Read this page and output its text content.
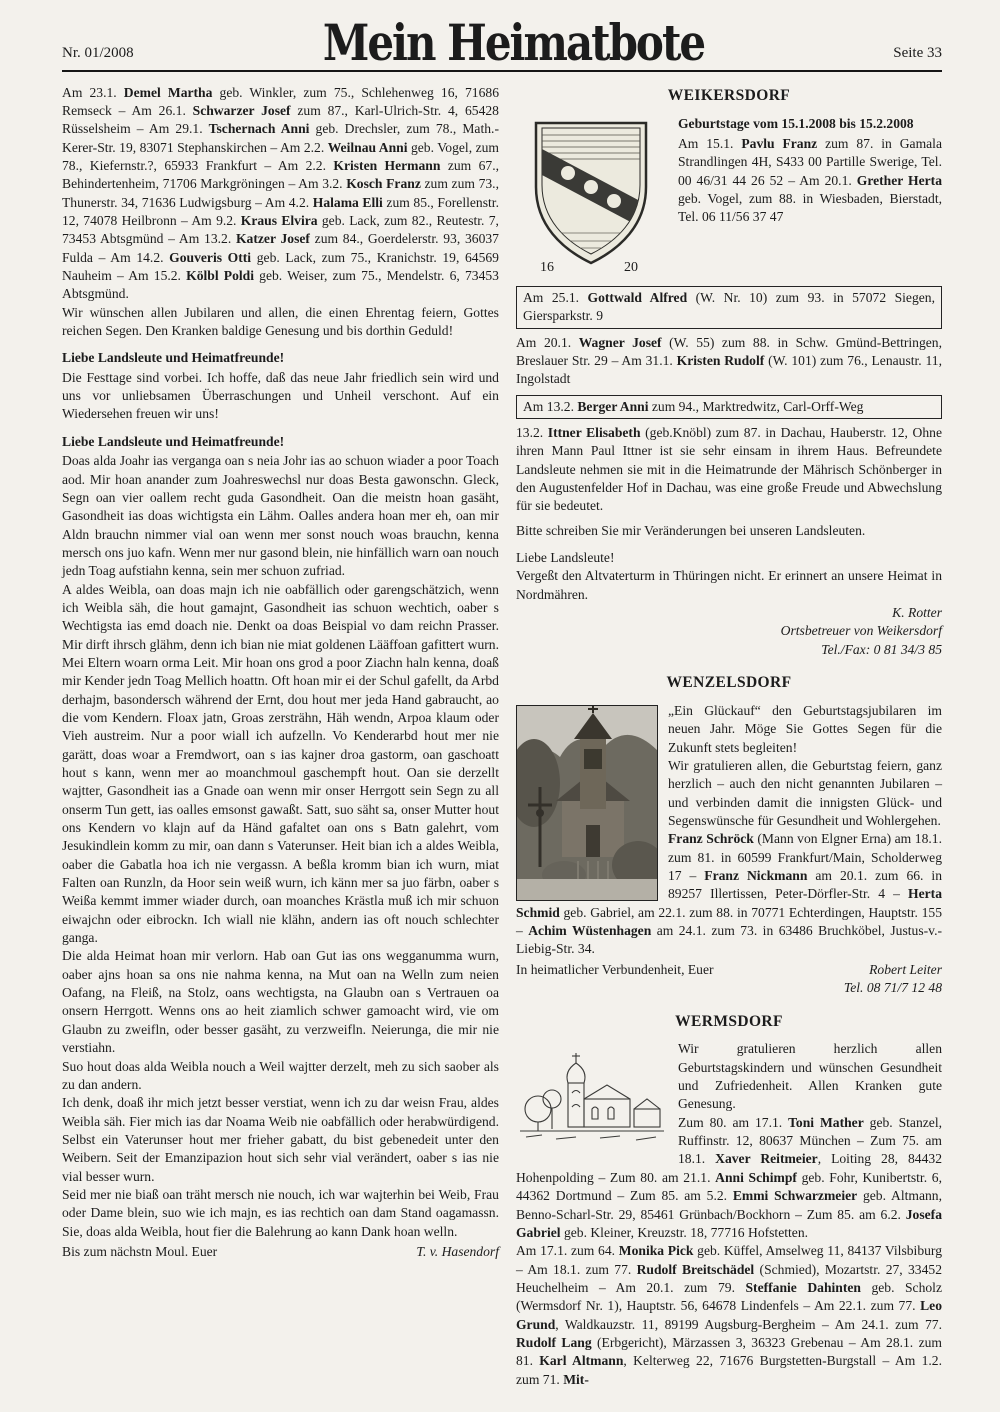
Nr. 01/2008	Mein Heimatbote	Seite 33

Am 23.1. Demel Martha geb. Winkler, zum 75., Schlehenweg 16, 71686 Remseck – Am 26.1. Schwarzer Josef zum 87., Karl-Ulrich-Str. 4, 65428 Rüsselsheim – Am 29.1. Tschernach Anni geb. Drechsler, zum 78., Math.-Kerer-Str. 19, 83071 Stephanskirchen – Am 2.2. Weilnau Anni geb. Vogel, zum 78., Kiefernstr.?, 65933 Frankfurt – Am 2.2. Kristen Hermann zum 67., Behindertenheim, 71706 Markgröningen – Am 3.2. Kosch Franz zum zum 73., Thunerstr. 34, 71636 Ludwigsburg – Am 4.2. Halama Elli zum 85., Forellenstr. 12, 74078 Heilbronn – Am 9.2. Kraus Elvira geb. Lack, zum 82., Reutestr. 7, 73453 Abtsgmünd – Am 13.2. Katzer Josef zum 84., Goerdelerstr. 93, 36037 Fulda – Am 14.2. Gouveris Otti geb. Lack, zum 75., Kranichstr. 19, 64569 Nauheim – Am 15.2. Kölbl Poldi geb. Weiser, zum 75., Mendelstr. 6, 73453 Abtsgmünd.

Wir wünschen allen Jubilaren und allen, die einen Ehrentag feiern, Gottes reichen Segen. Den Kranken baldige Genesung und bis dorthin Geduld!

Liebe Landsleute und Heimatfreunde!

Die Festtage sind vorbei. Ich hoffe, daß das neue Jahr friedlich sein wird und uns vor unliebsamen Überraschungen und Unheil verschont. Auf ein Wiedersehen freuen wir uns!

Liebe Landsleute und Heimatfreunde!

Doas alda Joahr ias verganga oan s neia Johr ias ao schuon wiader a poor Toach aod. Mir hoan anander zum Joahreswechsl nur doas Besta gawonschn. Gleck, Segn oan vier oallem recht guda Gasondheit. Oan die meistn hoan gasäht, Gasondheit ias doas wichtigsta ein Lähm. Oalles andera hoan mer eh, oan mir Aldn brauchn nimmer vial oan wenn mer sonst nouch woas brauchn, kenna mersch ons juo kafn. Wenn mer nur gasond blein, nie hinfällich warn oan nouch jedn Toag aufstiahn kenna, sein mer schuon zufriad.

A aldes Weibla, oan doas majn ich nie oabfällich oder garengschätzich, wenn ich Weibla säh, die hout gamajnt, Gasondheit ias schuon wechtich, oaber s Wechtigsta ias emd doach nie. Denkt oa doas Beispial vo dam reichn Prasser. Mir dirft ihrsch glähm, denn ich bian nie miat goldenen Lääffoan gafittert wurn. Mei Eltern woarn orma Leit. Mir hoan ons grod a poor Ziachn haln kenna, doaß mir Kender jedn Toag Mellich hoattn. Oft hoan mir ei der Schul gafellt, da Arbd derhajm, basondersch während der Ernt, dou hout mer jeda Hand gabraucht, ao die vom Kendern. Floax jatn, Groas zersträhn, Häh wendn, Arpoa klaum oder Vieh austreim. Nur a poor wiall ich aufzelln. Vo Kenderarbd hout mer nie garätt, doas woar a Fremdwort, oan s ias kajner droa gastorm, oan gaschoatt hout s kann, wenn mer ao moanchmoul gaschempft hout. Oan sie derzellt wajtter, Gasondheit ias a Gnade oan wenn mir onser Herrgott sein Segn zu all onserm Tun gett, ias oalles emsonst gawaßt. Satt, suo säht sa, onser Mutter hout ons Kendern vo klajn auf da Händ gafaltet oan ons s Batn galehrt, vom Jesukindlein komm zu mir, oan dann s Vaterunser. Heit bian ich a aldes Weibla, oaber die Gabatla hoa ich nie vergassn. A beßla kromm bian ich wurn, miat Falten oan Runzln, da Hoor sein weiß wurn, ich känn mer sa juo färbn, oaber s Weißa kemmt immer wiader durch, oan moanches Krästla muß ich mir schuon eiwajchn oder eibrockn. Ich wiall nie klähn, andern ias oft nouch schlechter ganga.

Die alda Heimat hoan mir verlorn. Hab oan Gut ias ons wegganumma wurn, oaber ajns hoan sa ons nie nahma kenna, na Mut oan na Welln zum neien Oafang, na Fleiß, na Stolz, oans wechtigsta, na Glaubn oan s Vertrauen oa onsern Herrgott. Wenns ons ao heit ziamlich schwer gamoacht wird, vie om Glaubn zu zweifln, oder besser gasäht, zu verzweifln. Neierunga, die mir nie verstiahn.

Suo hout doas alda Weibla nouch a Weil wajtter derzelt, meh zu sich saober als zu dan andern.

Ich denk, doaß ihr mich jetzt besser verstiat, wenn ich zu dar weisn Frau, aldes Weibla säh. Fier mich ias dar Noama Weib nie oabfällich oder herabwürdigend. Selbst ein Vaterunser hout mer frieher gabatt, du bist gebenedeit unter den Weibern. Seit der Emanzipazion hout sich sehr vial verändert, oaber s ias nie vial besser wurn.

Seid mer nie biaß oan träht mersch nie nouch, ich war wajterhin bei Weib, Frau oder Dame blein, suo wie ich majn, es ias rechtich oan dam Stand oagamassn. Sie, doas alda Weibla, hout fier die Balehrung ao kann Dank hoan welln.

Bis zum nächstn Moul. Euer	T. v. Hasendorf
WEIKERSDORF
16	20

Geburtstage vom 15.1.2008 bis 15.2.2008

Am 15.1. Pavlu Franz zum 87. in Gamala Strandlingen 4H, S433 00 Partille Swerige, Tel. 00 46/31 44 26 52 – Am 20.1. Grether Herta geb. Vogel, zum 88. in Wiesbaden, Bierstadt, Tel. 06 11/56 37 47

Am 25.1. Gottwald Alfred (W. Nr. 10) zum 93. in 57072 Siegen, Giersparkstr. 9

Am 20.1. Wagner Josef (W. 55) zum 88. in Schw. Gmünd-Bettringen, Breslauer Str. 29 – Am 31.1. Kristen Rudolf (W. 101) zum 76., Lenaustr. 11, Ingolstadt

Am 13.2. Berger Anni zum 94., Marktredwitz, Carl-Orff-Weg

13.2. Ittner Elisabeth (geb.Knöbl) zum 87. in Dachau, Hauberstr. 12, Ohne ihren Mann Paul Ittner ist sie sehr einsam in ihrem Haus. Befreundete Landsleute nehmen sie mit in die Heimatrunde der Mährisch Schönberger in den Augustenfelder Hof in Dachau, was eine große Freude und Abwechslung für sie bedeutet.

Bitte schreiben Sie mir Veränderungen bei unseren Landsleuten.

Liebe Landsleute!

Vergeßt den Altvaterturm in Thüringen nicht. Er erinnert an unsere Heimat in Nordmähren.

K. Rotter
Ortsbetreuer von Weikersdorf
Tel./Fax: 0 81 34/3 85
WENZELSDORF

„Ein Glückauf“ den Geburtstagsjubilaren im neuen Jahr. Möge Sie Gottes Segen für die Zukunft stets begleiten!

Wir gratulieren allen, die Geburtstag feiern, ganz herzlich – auch den nicht genannten Jubilaren – und verbinden damit die innigsten Glück- und Segenswünsche für Gesundheit und Wohlergehen.

Franz Schröck (Mann von Elgner Erna) am 18.1. zum 81. in 60599 Frankfurt/Main, Scholderweg 17 – Franz Nickmann am 20.1. zum 66. in 89257 Illertissen, Peter-Dörfler-Str. 4 – Herta Schmid geb. Gabriel, am 22.1. zum 88. in 70771 Echterdingen, Hauptstr. 155 – Achim Wüstenhagen am 24.1. zum 73. in 63486 Bruchköbel, Justus-v.-Liebig-Str. 34.

In heimatlicher Verbundenheit, Euer	Robert Leiter
Tel. 08 71/7 12 48
WERMSDORF

Wir gratulieren herzlich allen Geburtstagskindern und wünschen Gesundheit und Zufriedenheit. Allen Kranken gute Genesung.

Zum 80. am 17.1. Toni Mather geb. Stanzel, Ruffinstr. 12, 80637 München – Zum 75. am 18.1. Xaver Reitmeier, Loiting 28, 84432 Hohenpolding – Zum 80. am 21.1. Anni Schimpf geb. Fohr, Kunibertstr. 6, 44362 Dortmund – Zum 85. am 5.2. Emmi Schwarzmeier geb. Altmann, Benno-Scharl-Str. 29, 85461 Grünbach/Bockhorn – Zum 85. am 6.2. Josefa Gabriel geb. Kleiner, Kreuzstr. 18, 77716 Hofstetten.

Am 17.1. zum 64. Monika Pick geb. Küffel, Amselweg 11, 84137 Vilsbiburg – Am 18.1. zum 77. Rudolf Breitschädel (Schmied), Mozartstr. 27, 33452 Heuchelheim – Am 20.1. zum 79. Steffanie Dahinten geb. Scholz (Wermsdorf Nr. 1), Hauptstr. 56, 64678 Lindenfels – Am 22.1. zum 77. Leo Grund, Waldkauzstr. 11, 89199 Augsburg-Bergheim – Am 24.1. zum 77. Rudolf Lang (Erbgericht), Märzassen 3, 36323 Grebenau – Am 28.1. zum 81. Karl Altmann, Kelterweg 22, 71676 Burgstetten-Burgstall – Am 1.2. zum 71. Mit-
